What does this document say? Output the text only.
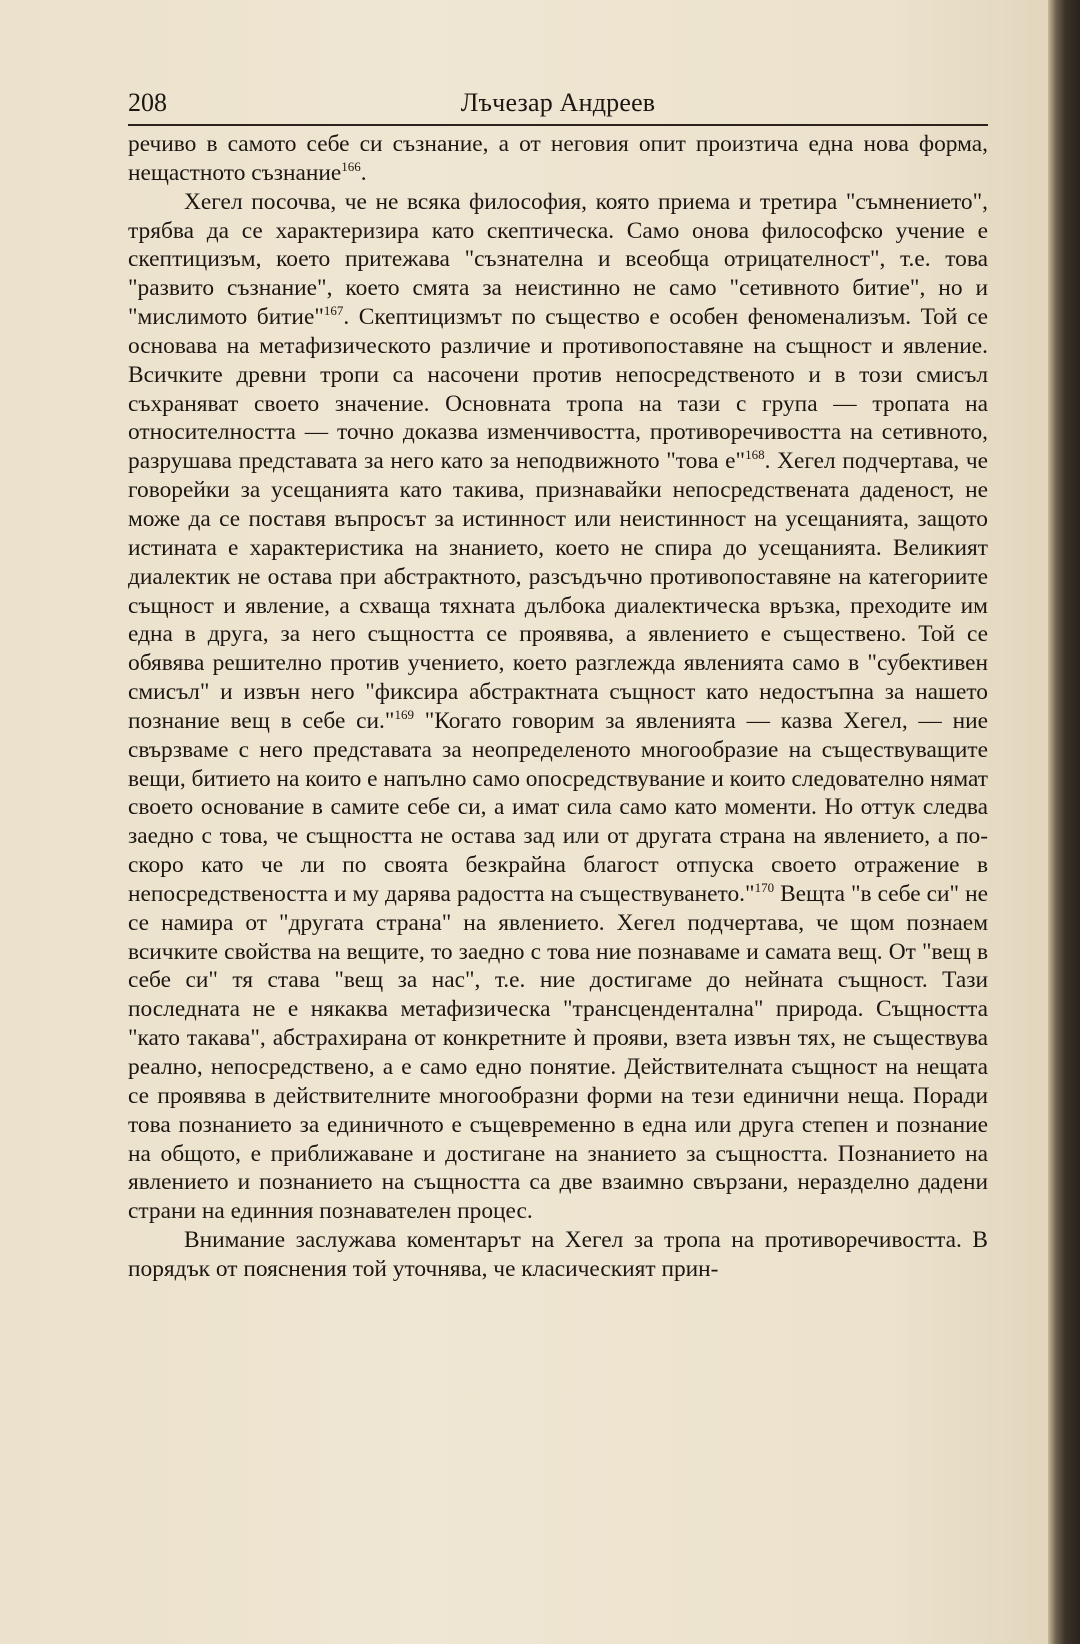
208	Лъчезар Андреев

речиво в самото себе си съзнание, а от неговия опит произтича една нова форма, нещастното съзнание$^{166}$.

Хегел посочва, че не всяка философия, която приема и третира "съмнението", трябва да се характеризира като скептическа. Само онова философско учение е скептицизъм, което притежава "съзнателна и всеобща отрицателност", т.е. това "развито съзнание", което смята за неистинно не само "сетивното битие", но и "мислимото битие"$^{167}$. Скептицизмът по същество е особен феноменализъм. Той се основава на метафизическото различие и противопоставяне на същност и явление. Всичките древни тропи са насочени против непосредственото и в този смисъл съхраняват своето значение. Основната тропа на тази с група — тропата на относителността — точно доказва изменчивостта, противоречивостта на сетивното, разрушава представата за него като за неподвижното "това е"$^{168}$. Хегел подчертава, че говорейки за усещанията като такива, признавайки непосредствената даденост, не може да се поставя въпросът за истинност или неистинност на усещанията, защото истината е характеристика на знанието, което не спира до усещанията. Великият диалектик не остава при абстрактното, разсъдъчно противопоставяне на категориите същност и явление, а схваща тяхната дълбока диалектическа връзка, преходите им една в друга, за него същността се проявява, а явлението е съществено. Той се обявява решително против учението, което разглежда явленията само в "субективен смисъл" и извън него "фиксира абстрактната същност като недостъпна за нашето познание вещ в себе си."$^{169}$ "Когато говорим за явленията — казва Хегел, — ние свързваме с него представата за неопределеното многообразие на съществуващите вещи, битието на които е напълно само опосредствувание и които следователно нямат своето основание в самите себе си, а имат сила само като моменти. Но оттук следва заедно с това, че същността не остава зад или от другата страна на явлението, а по-скоро като че ли по своята безкрайна благост отпуска своето отражение в непосредствеността и му дарява радостта на съществуването."$^{170}$ Вещта "в себе си" не се намира от "другата страна" на явлението. Хегел подчертава, че щом познаем всичките свойства на вещите, то заедно с това ние познаваме и самата вещ. От "вещ в себе си" тя става "вещ за нас", т.е. ние достигаме до нейната същност. Тази последната не е някаква метафизическа "трансцендентална" природа. Същността "като такава", абстрахирана от конкретните ѝ прояви, взета извън тях, не съществува реално, непосредствено, а е само едно понятие. Действителната същност на нещата се проявява в действителните многообразни форми на тези единични неща. Поради това познанието за единичното е същевременно в една или друга степен и познание на общото, е приближаване и достигане на знанието за същността. Познанието на явлението и познанието на същността са две взаимно свързани, неразделно дадени страни на единния познавателен процес.

Внимание заслужава коментарът на Хегел за тропа на противоречивостта. В порядък от пояснения той уточнява, че класическият прин-
